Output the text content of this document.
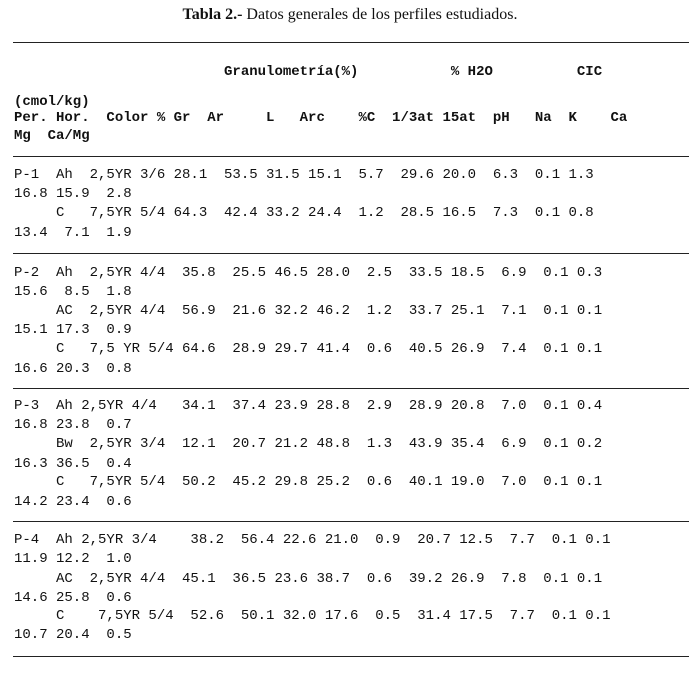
Tabla 2.- Datos generales de los perfiles estudiados.
Granulometría(%)           % H2O          CIC
(cmol/kg)
Per. Hor.  Color % Gr  Ar     L   Arc    %C  1/3at 15at  pH   Na  K    Ca
Mg  Ca/Mg
P-1  Ah  2,5YR 3/6 28.1  53.5 31.5 15.1  5.7  29.6 20.0  6.3  0.1 1.3
16.8 15.9  2.8
C   7,5YR 5/4 64.3  42.4 33.2 24.4  1.2  28.5 16.5  7.3  0.1 0.8
13.4  7.1  1.9
P-2  Ah  2,5YR 4/4  35.8  25.5 46.5 28.0  2.5  33.5 18.5  6.9  0.1 0.3
15.6  8.5  1.8
AC  2,5YR 4/4  56.9  21.6 32.2 46.2  1.2  33.7 25.1  7.1  0.1 0.1
15.1 17.3  0.9
C   7,5 YR 5/4 64.6  28.9 29.7 41.4  0.6  40.5 26.9  7.4  0.1 0.1
16.6 20.3  0.8
P-3  Ah 2,5YR 4/4   34.1  37.4 23.9 28.8  2.9  28.9 20.8  7.0  0.1 0.4
16.8 23.8  0.7
Bw  2,5YR 3/4  12.1  20.7 21.2 48.8  1.3  43.9 35.4  6.9  0.1 0.2
16.3 36.5  0.4
C   7,5YR 5/4  50.2  45.2 29.8 25.2  0.6  40.1 19.0  7.0  0.1 0.1
14.2 23.4  0.6
P-4  Ah 2,5YR 3/4    38.2  56.4 22.6 21.0  0.9  20.7 12.5  7.7  0.1 0.1
11.9 12.2  1.0
AC  2,5YR 4/4  45.1  36.5 23.6 38.7  0.6  39.2 26.9  7.8  0.1 0.1
14.6 25.8  0.6
C    7,5YR 5/4  52.6  50.1 32.0 17.6  0.5  31.4 17.5  7.7  0.1 0.1
10.7 20.4  0.5
